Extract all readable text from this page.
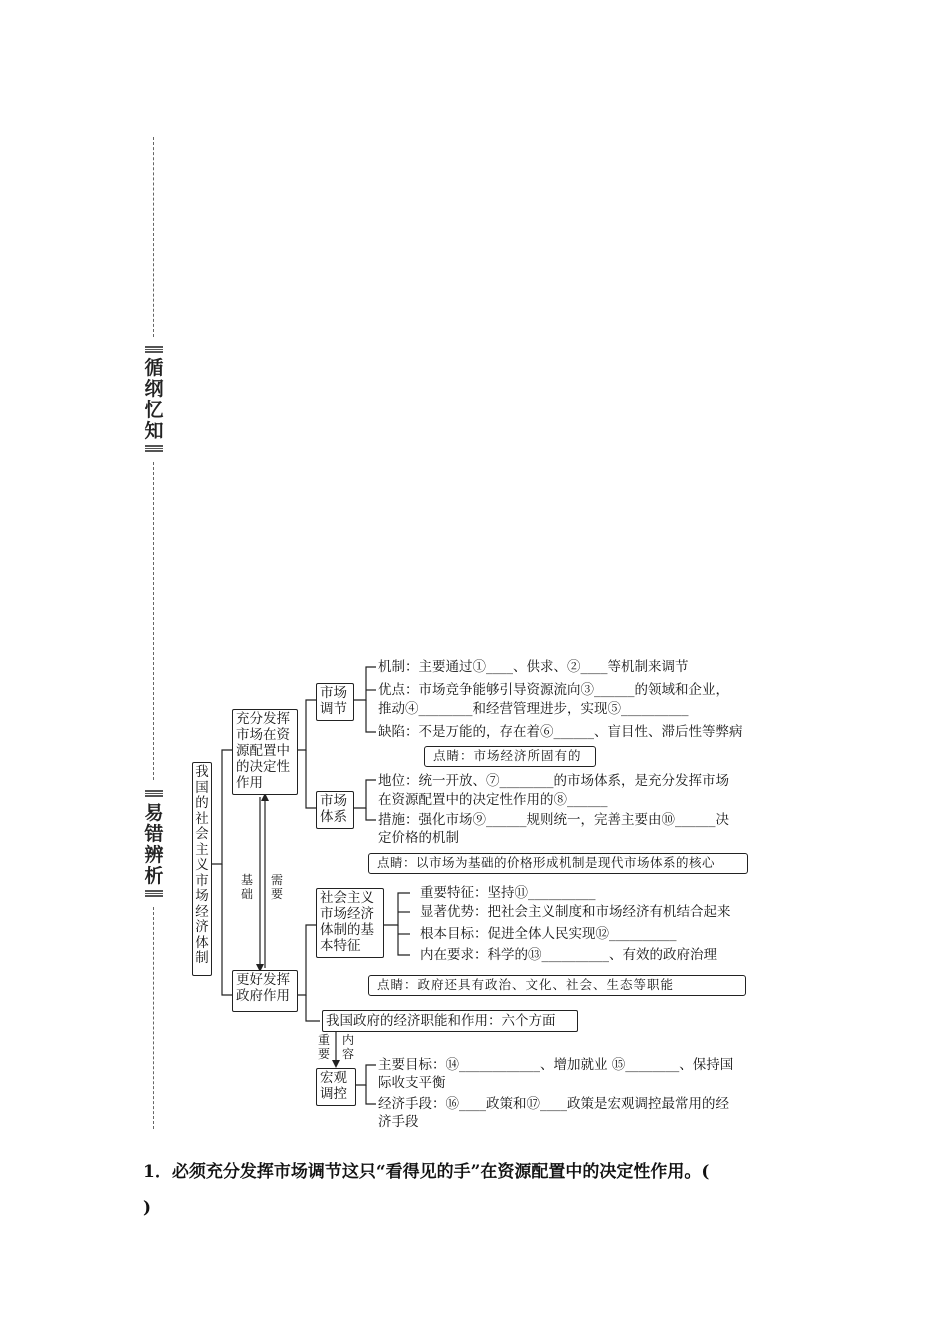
循纲忆知
易错辨析
我国的社会主义市场经济体制
充分发挥市场在资源配置中的决定性作用
更好发挥政府作用
基础
需要
市场调节
机制：主要通过①____、供求、②____等机制来调节
优点：市场竞争能够引导资源流向③______的领域和企业，
推动④________和经营管理进步，实现⑤__________
缺陷：不是万能的，存在着⑥______、盲目性、滞后性等弊病
点睛：市场经济所固有的
市场体系
地位：统一开放、⑦________的市场体系，是充分发挥市场
在资源配置中的决定性作用的⑧______
措施：强化市场⑨______规则统一，完善主要由⑩______决
定价格的机制
点睛：以市场为基础的价格形成机制是现代市场体系的核心
社会主义市场经济体制的基本特征
重要特征：坚持⑪__________
显著优势：把社会主义制度和市场经济有机结合起来
根本目标：促进全体人民实现⑫__________
内在要求：科学的⑬__________、有效的政府治理
点睛：政府还具有政治、文化、社会、生态等职能
我国政府的经济职能和作用：六个方面
重要
内容
宏观调控
主要目标：⑭____________、增加就业 ⑮________、保持国
际收支平衡
经济手段：⑯____政策和⑰____政策是宏观调控最常用的经
济手段
1．必须充分发挥市场调节这只“看得见的手”在资源配置中的决定性作用。(
)
